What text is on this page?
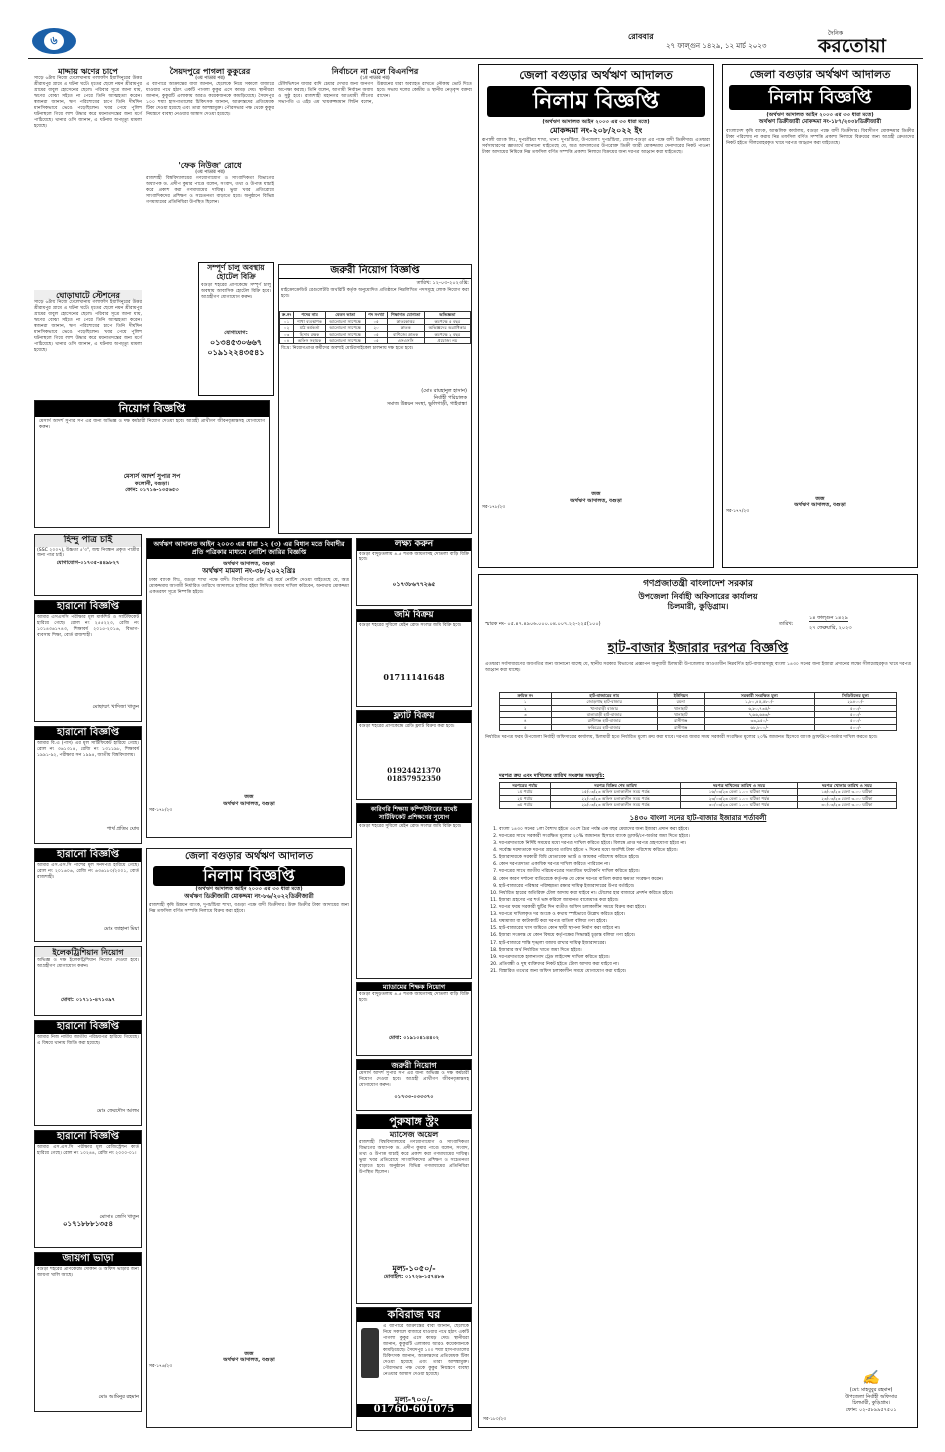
৬	রোববার
২৭ ফাল্গুন ১৪২৯, ১২ মার্চ ২০২৩
দৈনিক
করতোয়া
মাদ্দায় ঋণের চাপে
সাড়ে ৬টায় নিজে ঢেলেখানায় গলাফাঁস ইয়াসিনুরের উত্তর শ্রীরামপুর গ্রামে এ ঘটনা ঘটে। মৃতের ছেলে নয়ন শ্রীরামপুর গ্রামের বাবুল হোসেনের ছেলে। পরিবার সূত্রে জানা যায়, ঋণের বোঝা সইতে না পেরে তিনি আত্মহত্যা করেন। স্বজনরা জানান, ঋণ পরিশোধের চাপে তিনি দীর্ঘদিন মানসিকভাবে ভেঙে পড়েছিলেন। খবর পেয়ে পুলিশ ঘটনাস্থলে গিয়ে লাশ উদ্ধার করে ময়নাতদন্তের জন্য মর্গে পাঠিয়েছে। থানার ওসি জানান, এ ঘটনায় অপমৃত্যু মামলা হয়েছে।
ঘোড়াঘাটে স্টেশনের
সাড়ে ৬টায় নিজে ঢেলেখানায় গলাফাঁস ইয়াসিনুরের উত্তর শ্রীরামপুর গ্রামে এ ঘটনা ঘটে। মৃতের ছেলে নয়ন শ্রীরামপুর গ্রামের বাবুল হোসেনের ছেলে। পরিবার সূত্রে জানা যায়, ঋণের বোঝা সইতে না পেরে তিনি আত্মহত্যা করেন। স্বজনরা জানান, ঋণ পরিশোধের চাপে তিনি দীর্ঘদিন মানসিকভাবে ভেঙে পড়েছিলেন। খবর পেয়ে পুলিশ ঘটনাস্থলে গিয়ে লাশ উদ্ধার করে ময়নাতদন্তের জন্য মর্গে পাঠিয়েছে। থানার ওসি জানান, এ ঘটনায় অপমৃত্যু মামলা হয়েছে।
নিয়োগ বিজ্ঞপ্তি
মেসার্স আদর্শ সুপার সপ এর জন্য অভিজ্ঞ ও দক্ষ কর্মচারী নিয়োগ দেওয়া হবে। আগ্রহী প্রার্থীগণ জীবনবৃত্তান্তসহ যোগাযোগ করুন।
মেসার্স আদর্শ সুপার সপ
কলোনী, বগুড়া।
ফোন: ০১৭১৬-১৩৫৬৫৩
হিন্দু পাত্র চাই
(SSC ২০০৭), উচ্চতা ৫'৩", জন্ম নিবন্ধন প্রকৃত পাত্রীর জন্য পাত্র চাই।
যোগাযোগ-০১৭৩৫-৪৪৯৮২৭
হারানো বিজ্ঞপ্তি
আমার এসএসসি পরীক্ষার মূল মার্কশিট ও সার্টিফিকেট হারিয়ে গেছে। রোল নং ২৫৫২২৩, রেজি নং ১০১৪৩৬১৭৪৩, শিক্ষাবর্ষ ২০১৫-২০১৬, বিভাগ-ব্যবসায় শিক্ষা, বোর্ড রাজশাহী।
মোছাম্মৎ খাদিজা খাতুন
হারানো বিজ্ঞপ্তি
আমার বি.এ (পাস) এর মূল সার্টিফিকেট হারিয়ে গেছে। রোল নং ৩৬১৩১৪, রেজি নং ১৩১১৯৮, শিক্ষাবর্ষ ১৯৯১-৯২, পরীক্ষার সন ১৯৯৪, জাতীয় বিশ্ববিদ্যালয়।
পার্থ প্রতিম ঘোষ
হারানো বিজ্ঞপ্তি
আমার এস.এস.সি পাশের মূল সনদপত্র হারিয়ে গেছে। রোল নং ২০১৬০৬, রেজি নং ৬৩৬১৮০/২০০১, বোর্ড রাজশাহী।
মোঃ জাহানা মিয়া
ইলেকট্রিশিয়ান নিয়োগ
অভিজ্ঞ ও দক্ষ ইলেকট্রিশিয়ান নিয়োগ দেওয়া হবে। আগ্রহীগণ যোগাযোগ করুন।
মোবা: ০১৭১১-৪৭১৩৯৭
হারানো বিজ্ঞপ্তি
আমার নিজ নামীয় জাতীয় পরিচয়পত্র হারিয়ে গিয়েছে। এ বিষয়ে থানায় জিডি করা হয়েছে।
মোঃ ফেরদৌস আলম
হারানো বিজ্ঞপ্তি
আমার এস.এস.সি পরীক্ষার মূল রেজিস্ট্রেশন কার্ড হারিয়ে গেছে। রোল নং ১০২৪৪, রেজি নং ২০০০-০১।
মোসাঃ জেসি খাতুন
০১৭১৮৮৮১৩৫৪
জায়গা ভাড়া
বগুড়া শহরের প্রাণকেন্দ্রে দোকান ও অফিস ভাড়ার জন্য জায়গা খালি আছে।
মোঃ আমিনুর রহমান
সৈয়দপুরে পাগলা কুকুরের
(৩য় পাতার পর)
এ ব্যাপারে আক্রান্তের বাবা জানান, ছেলেকে নিয়ে সকালে বাজারে যাওয়ার পথে হঠাৎ একটি পাগলা কুকুর এসে কামড় দেয়। স্থানীয়রা জানান, কুকুরটি এলাকায় আরও কয়েকজনকে কামড়িয়েছে। সৈয়দপুর ১০০ শয্যা হাসপাতালের চিকিৎসক জানান, আক্রান্তদের প্রতিষেধক টিকা দেওয়া হয়েছে এবং তারা আশঙ্কামুক্ত। পৌরসভার পক্ষ থেকে কুকুর নিয়ন্ত্রণে ব্যবস্থা নেওয়ার আশ্বাস দেওয়া হয়েছে।
'ফেক নিউজ' রোধে
(৩য় পাতার পর)
রাজশাহী বিশ্ববিদ্যালয়ের গণযোগাযোগ ও সাংবাদিকতা বিভাগের অধ্যাপক ড. প্রদীপ কুমার পাণ্ডে বলেন, সংবাদ, তথ্য ও উপাত্ত যাচাই করে প্রকাশ করা গণমাধ্যমের দায়িত্ব। ভুয়া খবর প্রতিরোধে সাংবাদিকদের প্রশিক্ষণ ও সচেতনতা বাড়াতে হবে। অনুষ্ঠানে বিভিন্ন গণমাধ্যমের প্রতিনিধিরা উপস্থিত ছিলেন।
সম্পূর্ণ চালু অবস্থায় হোটেল বিক্রি
বগুড়া শহরের প্রাণকেন্দ্রে সম্পূর্ণ চালু অবস্থায় আবাসিক হোটেল বিক্রি হবে। আগ্রহীগণ যোগাযোগ করুন।
যোগাযোগ:
০১৩৪৫৩০৬৬৭
০১৯১২২৪৩৫৪১
নির্বাচনে না এলে বিএনপির
(১ম পাতার পর)
টেলিভিশনে যাবার বাদি চেয়ার দেখার জন্য জনগণ অপেক্ষা করছে। তিনি বলেন, আগামী নির্বাচন অবাধ ও সুষ্ঠু হবে। রাজশাহী মহানগর আওয়ামী লীগের সভাপতি এ এইচ এম খায়রুজ্জামান লিটন বলেন, উন্নয়নের ধারা অব্যাহত রাখতে নৌকায় ভোট দিতে হবে। সভায় দলের কেন্দ্রীয় ও স্থানীয় নেতৃবৃন্দ বক্তব্য রাখেন।
জরুরী নিয়োগ বিজ্ঞপ্তি
তারিখ: ১২-০৩-২০২৩খ্রি:
মাইক্রোক্রেডিট রেগুলেটরি অথরিটি কর্তৃক অনুমোদিত প্রতিষ্ঠানে নিম্নলিখিত পদসমূহে লোক নিয়োগ করা হবে।
ক্র.নং	পদের নাম	বেতন ভাতা	পদ সংখ্যা	শিক্ষাগত যোগ্যতা	অভিজ্ঞতা
০১	শাখা ব্যবস্থাপক	আলোচনা সাপেক্ষে	০৫	স্নাতকোত্তর	কমপক্ষে ৫ বছর
০২	মাঠ কর্মকর্তা	আলোচনা সাপেক্ষে	২০	স্নাতক	অভিজ্ঞদের অগ্রাধিকার
০৩	হিসাব রক্ষক	আলোচনা সাপেক্ষে	০৫	বাণিজ্যে স্নাতক	কমপক্ষে ২ বছর
০৪	অফিস সহায়ক	আলোচনা সাপেক্ষে	০৫	এসএসসি	প্রযোজ্য নয়
বি:দ্র: নিয়োগপ্রাপ্ত কর্মীদের অবশ্যই মোটরসাইকেল চালনায় দক্ষ হতে হবে।
(মোঃ রায়হানুল হাসান)
নির্বাহী পরিচালক
সমাজ উন্নয়ন সংস্থা, ভুলিগাড়ী, গাইবান্ধা
অর্থঋণ আদালত আইন ২০০৩ এর ধারা ১২ (৩) এর বিধান মতে বিবাদীর প্রতি পত্রিকার মাধ্যমে নোটিশ জারির বিজ্ঞপ্তি
অর্থঋণ আদালত, বগুড়া
অর্থঋণ মামলা নং-৩৮/২০২২খ্রিঃ
ঢাকা ব্যাংক লিঃ, বগুড়া শাখা পক্ষে বাদী। বিবাদীগণের প্রতি এই মর্মে নোটিশ দেওয়া যাইতেছে যে, অত্র মোকদ্দমায় আগামী নির্ধারিত তারিখে আদালতে হাজির হইয়া লিখিত জবাব দাখিল করিবেন, অন্যথায় মোকদ্দমা একতরফা সূত্রে নিষ্পত্তি হইবে।
জজ
অর্থঋণ আদালত, বগুড়া
সর-১৭৮/২৩
জেলা বগুড়ার অর্থঋণ আদালত
নিলাম বিজ্ঞপ্তি
(অর্থঋণ আদালত আইন ২০০৩ এর ৩৩ ধারা মতে)
অর্থঋণ ডিক্রীজারী মোকদ্দমা নং-৮৬/২০২২ডিক্রীজারী
রাজশাহী কৃষি উন্নয়ন ব্যাংক, দুপচাঁচিয়া শাখা, বগুড়া পক্ষে বাদী ডিক্রীদার। উক্ত ডিক্রীর টাকা আদায়ের জন্য নিম্ন তফসিল বর্ণিত সম্পত্তি নিলামে বিক্রয় করা হইবে।
জজ
অর্থঋণ আদালত, বগুড়া
সর-১৭৬/২৩
লক্ষ্য করুন
বগুড়া বাদুড়তলায় ৪.৫ শতক জায়গাসহ দোতলা বাড়ি বিক্রি হবে।
০১৭৩৮৬৭৭২৬৫
জমি বিক্রয়
বগুড়া শহরের সুবিলে মেইন রোড সংলগ্ন জমি বিক্রি হবে।
01711141648
ফ্ল্যাট বিক্রয়
বগুড়া শহরের প্রাণকেন্দ্রে রেডি ফ্ল্যাট বিক্রয় করা হবে।
01924421370
01857952350
কারিগরি শিক্ষায় কম্পিউটারের যথেষ্ট সার্টিফিকেট প্রশিক্ষণের সুযোগ
বগুড়া শহরের সুবিলে মেইন রোড সংলগ্ন জমি বিক্রি হবে।
ম্যাডামের শিক্ষক নিয়োগ
বগুড়া বাদুড়তলায় ৪.৫ শতক জায়গাসহ দোতলা বাড়ি বিক্রি হবে।
মোবা: ০১৯১০৪১৪৪০২
জরুরী নিয়োগ
মেসার্স আদর্শ সুপার সপ এর জন্য অভিজ্ঞ ও দক্ষ কর্মচারী নিয়োগ দেওয়া হবে। আগ্রহী প্রার্থীগণ জীবনবৃত্তান্তসহ যোগাযোগ করুন।
০১৭৩৩-০৩৩৩৭০
পুরুষাঙ্গ স্ট্রং
ম্যাসেজ অয়েল
রাজশাহী বিশ্ববিদ্যালয়ের গণযোগাযোগ ও সাংবাদিকতা বিভাগের অধ্যাপক ড. প্রদীপ কুমার পাণ্ডে বলেন, সংবাদ, তথ্য ও উপাত্ত যাচাই করে প্রকাশ করা গণমাধ্যমের দায়িত্ব। ভুয়া খবর প্রতিরোধে সাংবাদিকদের প্রশিক্ষণ ও সচেতনতা বাড়াতে হবে। অনুষ্ঠানে বিভিন্ন গণমাধ্যমের প্রতিনিধিরা উপস্থিত ছিলেন।
মূল্য-১০৫০/-
মোবাইল: ০১৭২৬-১৫৭৪৮৬
কবিরাজ ঘর
এ ব্যাপারে আক্রান্তের বাবা জানান, ছেলেকে নিয়ে সকালে বাজারে যাওয়ার পথে হঠাৎ একটি পাগলা কুকুর এসে কামড় দেয়। স্থানীয়রা জানান, কুকুরটি এলাকায় আরও কয়েকজনকে কামড়িয়েছে। সৈয়দপুর ১০০ শয্যা হাসপাতালের চিকিৎসক জানান, আক্রান্তদের প্রতিষেধক টিকা দেওয়া হয়েছে এবং তারা আশঙ্কামুক্ত। পৌরসভার পক্ষ থেকে কুকুর নিয়ন্ত্রণে ব্যবস্থা নেওয়ার আশ্বাস দেওয়া হয়েছে।
মূল্য-৭০০/-
01760-601075
জেলা বগুড়ার অর্থঋণ আদালত
নিলাম বিজ্ঞপ্তি
(অর্থঋণ আদালত আইন ২০০৩ এর ৩৩ ধারা মতে)
মোকদ্দমা নং-২০৮/২০২২ ইং
রূপালী ব্যাংক লিঃ, দুপচাঁচিয়া শাখা, থানা: দুপচাঁচিয়া, উপজেলা: দুপচাঁচিয়া, জেলা-বগুড়া এর পক্ষে বাদী ডিক্রীদার। এতদ্বারা সর্বসাধারণের জ্ঞাতার্থে জানানো যাইতেছে যে, অত্র আদালতের উপরোক্ত ডিক্রী জারী মোকদ্দমায় দেনাদারের নিকট পাওনা টাকা আদায়ের নিমিত্তে নিম্ন তফসিল বর্ণিত সম্পত্তি প্রকাশ্য নিলামে বিক্রয়ের জন্য দরপত্র আহ্বান করা যাইতেছে।
জজ
অর্থঋণ আদালত, বগুড়া
সর-১৭৮/২৩
জেলা বগুড়ার অর্থঋণ আদালত
নিলাম বিজ্ঞপ্তি
(অর্থঋণ আদালত আইন ২০০৩ এর ৩৩ ধারা মতে)
অর্থঋণ ডিক্রীজারী মোকদ্দমা নং-১৮৭/২০০৮ডিক্রীজারী
বাংলাদেশ কৃষি ব্যাংক, আঞ্চলিক কার্যালয়, বগুড়া পক্ষে বাদী ডিক্রীদার। বিবাদীগণ মোকদ্দমার ডিক্রীর টাকা পরিশোধ না করায় নিম্ন তফসিল বর্ণিত সম্পত্তি প্রকাশ্য নিলামে বিক্রয়ের জন্য আগ্রহী ক্রেতাদের নিকট হইতে সীলমোহরকৃত খামে দরপত্র আহ্বান করা যাইতেছে।
জজ
অর্থঋণ আদালত, বগুড়া
সর-১৭৭/২৩
গণপ্রজাতন্ত্রী বাংলাদেশ সরকার
উপজেলা নির্বাহী অফিসারের কার্যালয়
চিলমারী, কুড়িগ্রাম।
স্মারক নং- ০৫.৪৭.৪৯০৬.০০০.০৪.০০৭.২২-২২৫(১০০)	তারিখ:
১৪ ফাল্গুন ১৪২৯
২৭ ফেব্রুয়ারি, ২০২৩
হাট-বাজার ইজারার দরপত্র বিজ্ঞপ্তি
এতদ্বারা সর্বসাধারণের অবগতির জন্য জানানো যাচ্ছে যে, স্থানীয় সরকার বিভাগের প্রজ্ঞাপন অনুযায়ী চিলমারী উপজেলার আওতাধীন নিম্নবর্ণিত হাট-বাজারসমূহ বাংলা ১৪৩০ সনের জন্য ইজারা প্রদানের লক্ষ্যে সীলমোহরকৃত খামে দরপত্র আহ্বান করা যাচ্ছে।
ক্রমিক নং	হাট-বাজারের নাম	ইউনিয়ন	সরকারী সংরক্ষিত মূল্য	সিডিউলের মূল্য
১	জোড়গাছ হাট-বাজার	রমনা	১,৮০,৪৫,৫৮০/-	২৯৪০০/-
২	খানাবাড়ী বাজার	থানাহাট	৬,৮০,৭৩৫/-	৫০০/-
৩	বালাবাড়ী হাট-বাজার	থানাহাট	৭,৬৬,৬৬৩/-	৫০০/-
৪	রানীগঞ্জ হাট-বাজার	রানীগঞ্জ	৩৩,৯৫০/-	৫০০/-
৫	ফকিরের হাট-বাজার	রানীগঞ্জ	৬৮,৮০০/-	৫০০/-
নির্ধারিত দরপত্র ফরম উপজেলা নির্বাহী অফিসারের কার্যালয়, চিলমারী হতে নির্ধারিত মূল্যে ক্রয় করা যাবে। দরপত্র জমার সময় সরকারী সংরক্ষিত মূল্যের ২০% জামানত হিসেবে ব্যাংক ড্রাফট/পে-অর্ডার দাখিল করতে হবে।
দরপত্র ক্রয় এবং দাখিলের তারিখ সংক্রান্ত সময়সূচি:
দরপত্রের পর্যায়	দরপত্র বিক্রির শেষ তারিখ	দরপত্র দাখিলের তারিখ ও সময়	দরপত্র খোলার তারিখ ও সময়
১ম পর্যায়	১৫/০৩/২৩ অফিস চলাকালীন সময় পর্যন্ত	১৬/০৩/২৩ বেলা ১.০০ ঘটিকা পর্যন্ত	১৬/০৩/২৩ বেলা ৩.০০ ঘটিকা
২য় পর্যায়	২২/০৩/২৩ অফিস চলাকালীন সময় পর্যন্ত	২৩/০৩/২৩ বেলা ১.০০ ঘটিকা পর্যন্ত	২৩/০৩/২৩ বেলা ৩.০০ ঘটিকা
৩য় পর্যায়	২৯/০৩/২৩ অফিস চলাকালীন সময় পর্যন্ত	৩০/০৩/২৩ বেলা ১.০০ ঘটিকা পর্যন্ত	৩০/০৩/২৩ বেলা ৩.০০ ঘটিকা
১৪৩০ বাংলা সনের হাট-বাজার ইজারার শর্তাবলী
1. বাংলা ১৪৩০ সনের ১লা বৈশাখ হইতে ৩০শে চৈত্র পর্যন্ত এক বছর মেয়াদের জন্য ইজারা প্রদান করা হইবে।
2. দরপত্রের সাথে সরকারী সংরক্ষিত মূল্যের ২০% জামানত হিসাবে ব্যাংক ড্রাফট/পে-অর্ডার জমা দিতে হইবে।
3. দরপত্রদাতাকে নির্দিষ্ট সময়ের মধ্যে দরপত্র দাখিল করিতে হইবে। বিলম্বে প্রাপ্ত দরপত্র গ্রহণযোগ্য হইবে না।
4. সর্বোচ্চ দরদাতাকে দরপত্র গ্রহণের তারিখ হইতে ৭ দিনের মধ্যে অবশিষ্ট টাকা পরিশোধ করিতে হইবে।
5. ইজারাদারকে সরকারী বিধি মোতাবেক ভ্যাট ও আয়কর পরিশোধ করিতে হইবে।
6. কোন দরপত্রদাতা একাধিক দরপত্র দাখিল করিতে পারিবেন না।
7. দরপত্রের সাথে জাতীয় পরিচয়পত্রের সত্যায়িত ফটোকপি দাখিল করিতে হইবে।
8. কোন কারণ দর্শানো ব্যতিরেকে কর্তৃপক্ষ যে কোন দরপত্র বাতিল করার ক্ষমতা সংরক্ষণ করেন।
9. হাট-বাজারের পরিষ্কার পরিচ্ছন্নতা রক্ষার দায়িত্ব ইজারাদারের উপর বর্তাইবে।
10. নির্ধারিত হারের অতিরিক্ত টোল আদায় করা যাইবে না। টোলের হার বাজারে প্রদর্শন করিতে হইবে।
11. ইজারা গ্রহণের পর শর্ত ভঙ্গ করিলে জামানত বাজেয়াপ্ত করা হইবে।
12. দরপত্র ফরম সরকারী ছুটির দিন ব্যতীত অফিস চলাকালীন সময়ে বিক্রয় করা হইবে।
13. দরপত্রে দাখিলকৃত দর অংকে ও কথায় স্পষ্টভাবে উল্লেখ করিতে হইবে।
14. ঘষামাজা বা কাটাকাটি করা দরপত্র বাতিল বলিয়া গণ্য হইবে।
15. হাট-বাজারের খাস জমিতে কোন স্থায়ী স্থাপনা নির্মাণ করা যাইবে না।
16. ইজারা সংক্রান্ত যে কোন বিষয়ে কর্তৃপক্ষের সিদ্ধান্তই চূড়ান্ত বলিয়া গণ্য হইবে।
17. হাট-বাজারে শান্তি শৃঙ্খলা বজায় রাখার দায়িত্ব ইজারাদারের।
18. ইজারার অর্থ নির্ধারিত খাতে জমা দিতে হইবে।
19. দরপত্রদাতাকে হালনাগাদ ট্রেড লাইসেন্স দাখিল করিতে হইবে।
20. প্রতিবন্ধী ও দুস্থ ব্যক্তিদের নিকট হইতে টোল আদায় করা যাইবে না।
21. বিস্তারিত তথ্যের জন্য অফিস চলাকালীন সময়ে যোগাযোগ করা যাইবে।
✍
(মো: মাহবুবুর রহমান)
উপজেলা নির্বাহী অফিসার
চিলমারী, কুড়িগ্রাম।
ফোন: ০২-৫৮৯৯৫৭৫০১
সর-১৮০/২৩
